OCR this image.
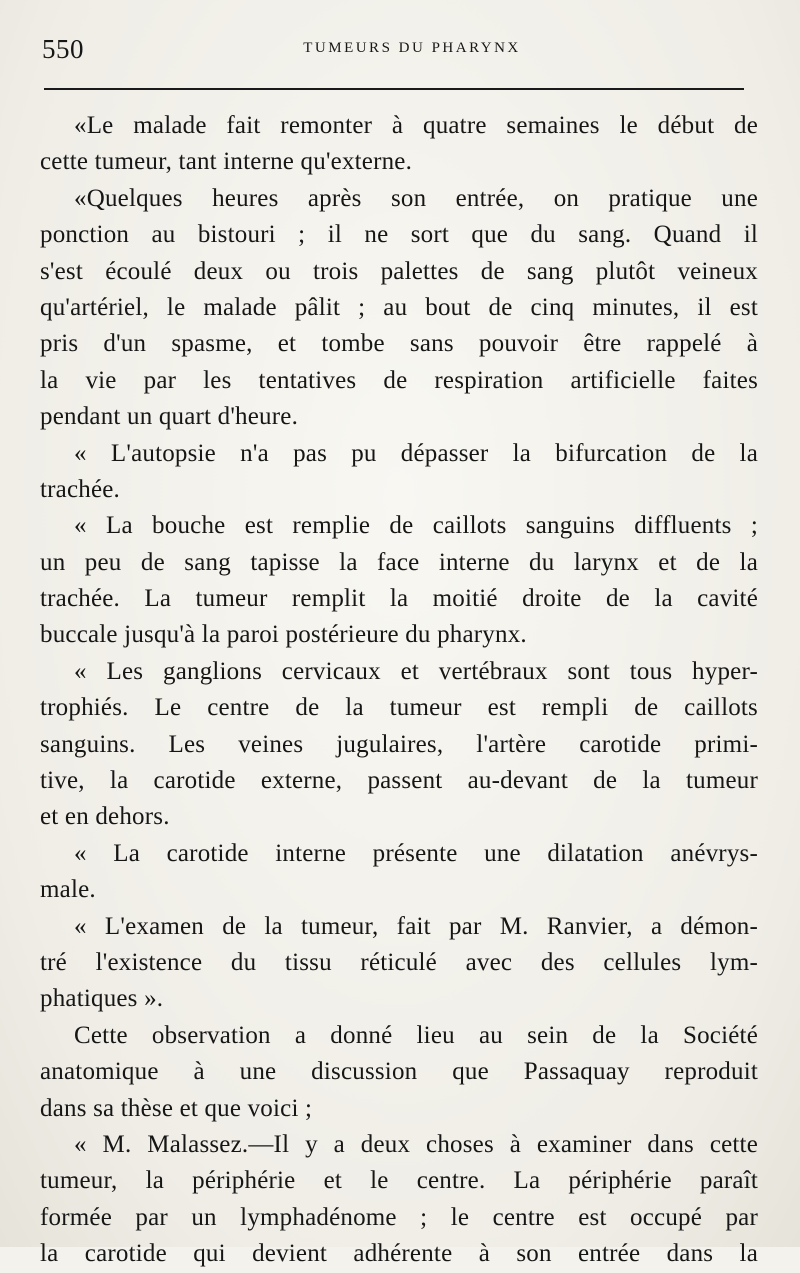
550	TUMEURS DU PHARYNX
«Le malade fait remonter à quatre semaines le début de
cette tumeur, tant interne qu'externe.
«Quelques heures après son entrée, on pratique une
ponction au bistouri ; il ne sort que du sang. Quand il
s'est écoulé deux ou trois palettes de sang plutôt veineux
qu'artériel, le malade pâlit ; au bout de cinq minutes, il est
pris d'un spasme, et tombe sans pouvoir être rappelé à
la vie par les tentatives de respiration artificielle faites
pendant un quart d'heure.
« L'autopsie n'a pas pu dépasser la bifurcation de la
trachée.
« La bouche est remplie de caillots sanguins diffluents ;
un peu de sang tapisse la face interne du larynx et de la
trachée. La tumeur remplit la moitié droite de la cavité
buccale jusqu'à la paroi postérieure du pharynx.
« Les ganglions cervicaux et vertébraux sont tous hyper-
trophiés. Le centre de la tumeur est rempli de caillots
sanguins. Les veines jugulaires, l'artère carotide primi-
tive, la carotide externe, passent au-devant de la tumeur
et en dehors.
« La carotide interne présente une dilatation anévrys-
male.
« L'examen de la tumeur, fait par M. Ranvier, a démon-
tré l'existence du tissu réticulé avec des cellules lym-
phatiques ».
Cette observation a donné lieu au sein de la Société
anatomique à une discussion que Passaquay reproduit
dans sa thèse et que voici ;
« M. Malassez.—Il y a deux choses à examiner dans cette
tumeur, la périphérie et le centre. La périphérie paraît
formée par un lymphadénome ; le centre est occupé par
la carotide qui devient adhérente à son entrée dans la
